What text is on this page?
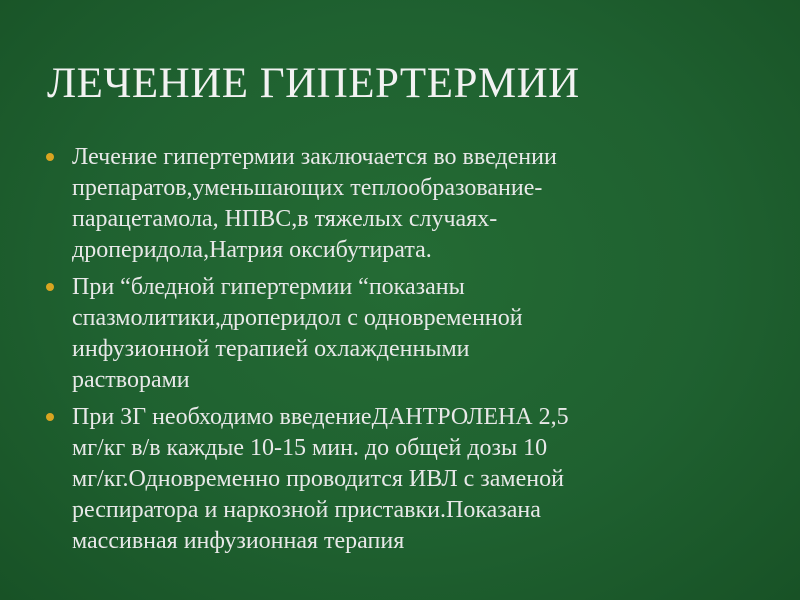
ЛЕЧЕНИЕ ГИПЕРТЕРМИИ
Лечение гипертермии заключается во введении
препаратов,уменьшающих теплообразование-
парацетамола, НПВС,в тяжелых случаях-
дроперидола,Натрия оксибутирата.
При “бледной гипертермии “показаны
спазмолитики,дроперидол с одновременной
инфузионной терапией охлажденными
растворами
При ЗГ необходимо введениеДАНТРОЛЕНА 2,5
мг/кг в/в каждые 10-15 мин. до общей дозы 10
мг/кг.Одновременно проводится ИВЛ с заменой
респиратора и наркозной приставки.Показана
массивная инфузионная терапия
